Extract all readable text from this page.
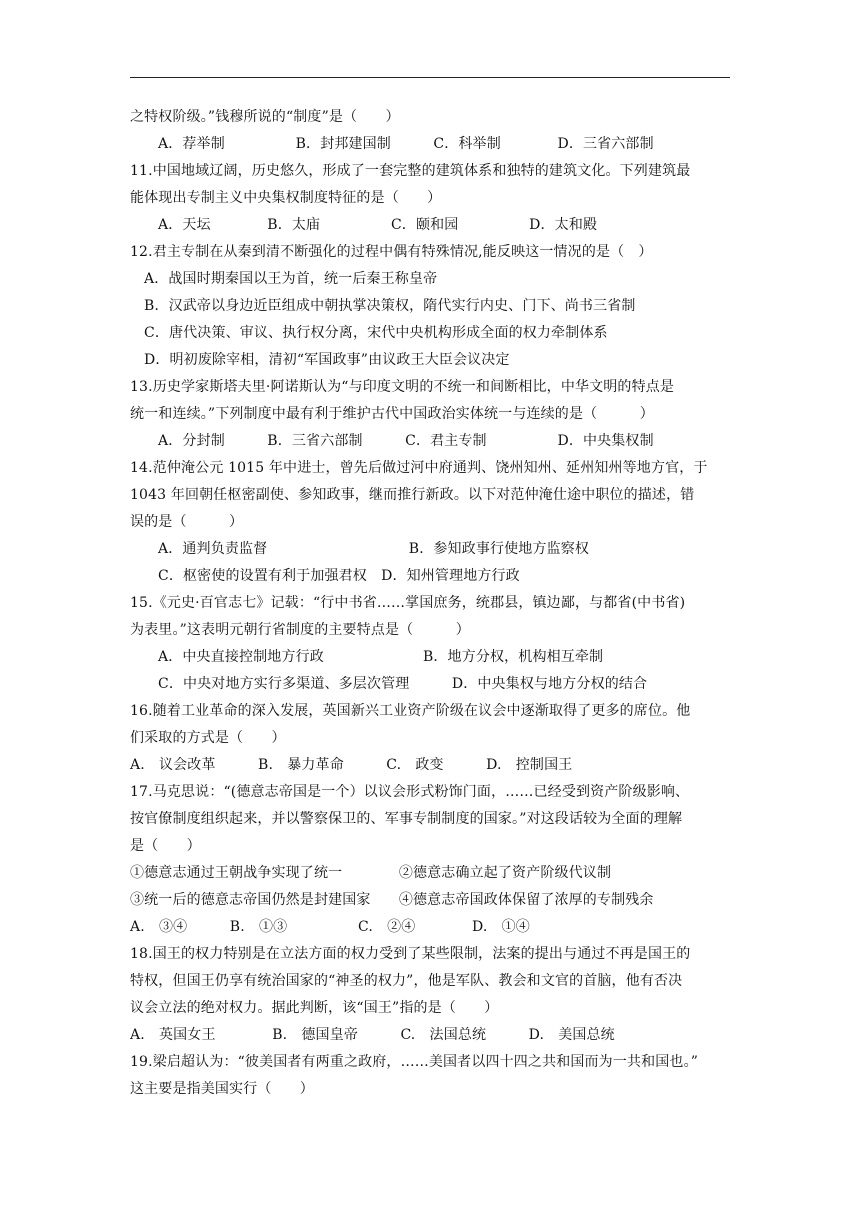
之特权阶级。”钱穆所说的“制度”是（　　）
A．荐举制　　　　　B．封邦建国制　　　C．科举制　　　　D．三省六部制
11.中国地域辽阔，历史悠久，形成了一套完整的建筑体系和独特的建筑文化。下列建筑最
能体现出专制主义中央集权制度特征的是（　　）
A．天坛　　　　B．太庙　　　　　C．颐和园　　　　　D．太和殿
12.君主专制在从秦到清不断强化的过程中偶有特殊情况,能反映这一情况的是（　）
A．战国时期秦国以王为首，统一后秦王称皇帝
B．汉武帝以身边近臣组成中朝执掌决策权，隋代实行内史、门下、尚书三省制
C．唐代决策、审议、执行权分离，宋代中央机构形成全面的权力牵制体系
D．明初废除宰相，清初“军国政事”由议政王大臣会议决定
13.历史学家斯塔夫里·阿诺斯认为“与印度文明的不统一和间断相比，中华文明的特点是
统一和连续。”下列制度中最有利于维护古代中国政治实体统一与连续的是（　　　）
A．分封制　　　B．三省六部制　　　C．君主专制　　　　　D．中央集权制
14.范仲淹公元 1015 年中进士，曾先后做过河中府通判、饶州知州、延州知州等地方官，于
1043 年回朝任枢密副使、参知政事，继而推行新政。以下对范仲淹仕途中职位的描述，错
误的是（　　　）
A．通判负责监督　　　　　　　　　　B．参知政事行使地方监察权
C．枢密使的设置有利于加强君权　D．知州管理地方行政
15.《元史·百官志七》记载：“行中书省……掌国庶务，统郡县，镇边鄙，与都省(中书省)
为表里。”这表明元朝行省制度的主要特点是（　　　）
A．中央直接控制地方行政　　　　　　　B．地方分权，机构相互牵制
C．中央对地方实行多渠道、多层次管理　　　D．中央集权与地方分权的结合
16.随着工业革命的深入发展，英国新兴工业资产阶级在议会中逐渐取得了更多的席位。他
们采取的方式是（　　）
A.　议会改革　　　B.　暴力革命　　　C.　政变　　　D.　控制国王
17.马克思说：“(德意志帝国是一个）以议会形式粉饰门面，……已经受到资产阶级影响、
按官僚制度组织起来，并以警察保卫的、军事专制制度的国家。”对这段话较为全面的理解
是（　　）
①德意志通过王朝战争实现了统一　　　　②德意志确立起了资产阶级代议制
③统一后的德意志帝国仍然是封建国家　　④德意志帝国政体保留了浓厚的专制残余
A.　③④　　　B.　①③　　　　　C.　②④　　　　D.　①④
18.国王的权力特别是在立法方面的权力受到了某些限制，法案的提出与通过不再是国王的
特权，但国王仍享有统治国家的“神圣的权力”，他是军队、教会和文官的首脑，他有否决
议会立法的绝对权力。据此判断，该“国王”指的是（　　）
A.　英国女王　　　　B.　德国皇帝　　　C.　法国总统　　　D.　美国总统
19.梁启超认为：“彼美国者有两重之政府，……美国者以四十四之共和国而为一共和国也。”
这主要是指美国实行（　　）
